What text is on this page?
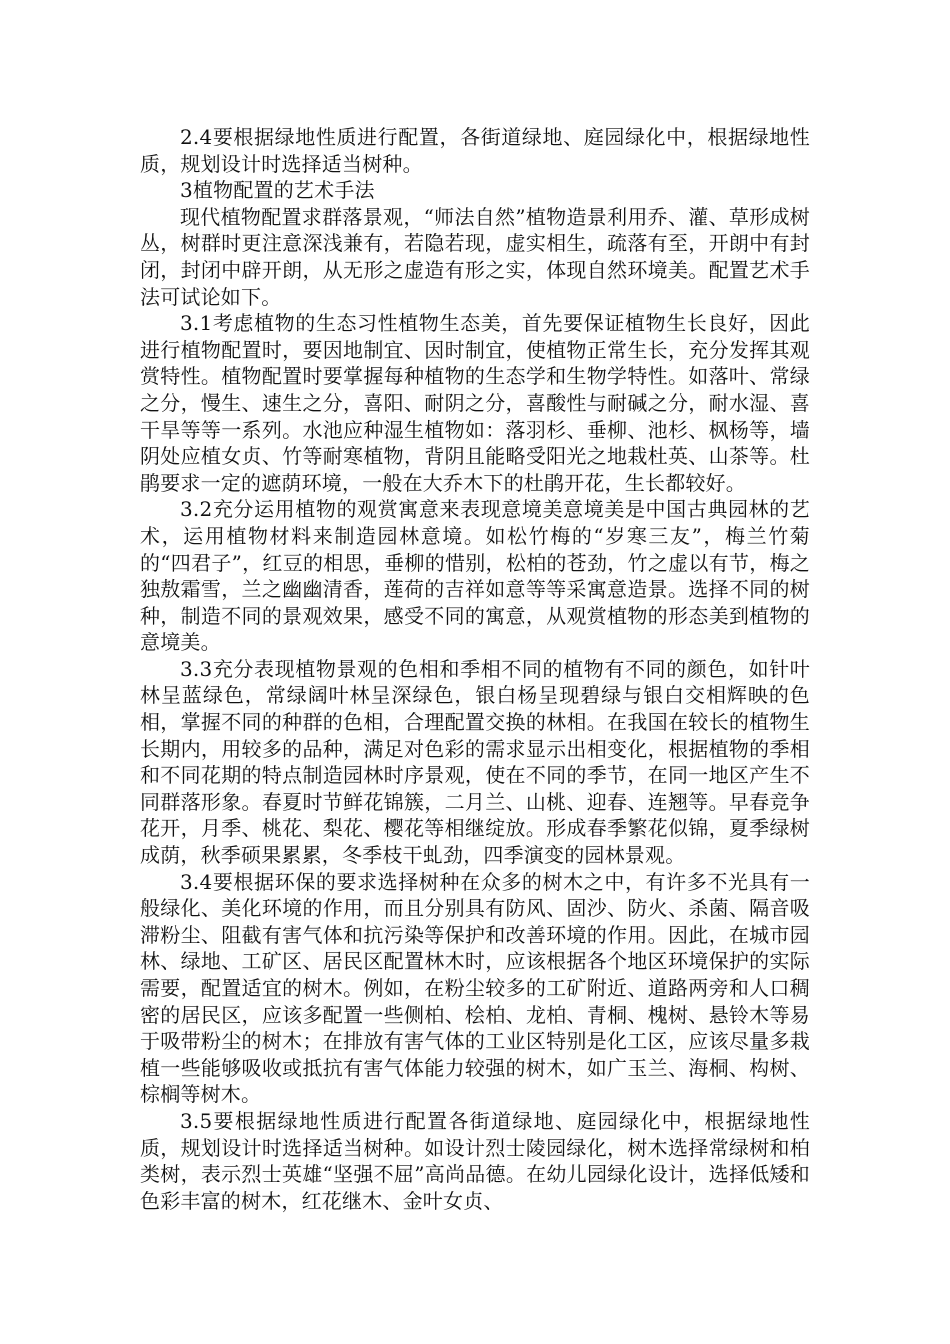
2.4要根据绿地性质进行配置，各街道绿地、庭园绿化中，根据绿地性质，规划设计时选择适当树种。

3植物配置的艺术手法

现代植物配置求群落景观，“师法自然”植物造景利用乔、灌、草形成树丛，树群时更注意深浅兼有，若隐若现，虚实相生，疏落有至，开朗中有封闭，封闭中辟开朗，从无形之虚造有形之实，体现自然环境美。配置艺术手法可试论如下。

3.1考虑植物的生态习性植物生态美，首先要保证植物生长良好，因此进行植物配置时，要因地制宜、因时制宜，使植物正常生长，充分发挥其观赏特性。植物配置时要掌握每种植物的生态学和生物学特性。如落叶、常绿之分，慢生、速生之分，喜阳、耐阴之分，喜酸性与耐碱之分，耐水湿、喜干旱等等一系列。水池应种湿生植物如：落羽杉、垂柳、池杉、枫杨等，墙阴处应植女贞、竹等耐寒植物，背阴且能略受阳光之地栽杜英、山茶等。杜鹃要求一定的遮荫环境，一般在大乔木下的杜鹃开花，生长都较好。

3.2充分运用植物的观赏寓意来表现意境美意境美是中国古典园林的艺术，运用植物材料来制造园林意境。如松竹梅的“岁寒三友”，梅兰竹菊的“四君子”，红豆的相思，垂柳的惜别，松柏的苍劲，竹之虚以有节，梅之独敖霜雪，兰之幽幽清香，莲荷的吉祥如意等等采寓意造景。选择不同的树种，制造不同的景观效果，感受不同的寓意，从观赏植物的形态美到植物的意境美。

3.3充分表现植物景观的色相和季相不同的植物有不同的颜色，如针叶林呈蓝绿色，常绿阔叶林呈深绿色，银白杨呈现碧绿与银白交相辉映的色相，掌握不同的种群的色相，合理配置交换的林相。在我国在较长的植物生长期内，用较多的品种，满足对色彩的需求显示出相变化，根据植物的季相和不同花期的特点制造园林时序景观，使在不同的季节，在同一地区产生不同群落形象。春夏时节鲜花锦簇，二月兰、山桃、迎春、连翘等。早春竞争花开，月季、桃花、梨花、樱花等相继绽放。形成春季繁花似锦，夏季绿树成荫，秋季硕果累累，冬季枝干虬劲，四季演变的园林景观。

3.4要根据环保的要求选择树种在众多的树木之中，有许多不光具有一般绿化、美化环境的作用，而且分别具有防风、固沙、防火、杀菌、隔音吸滞粉尘、阻截有害气体和抗污染等保护和改善环境的作用。因此，在城市园林、绿地、工矿区、居民区配置林木时，应该根据各个地区环境保护的实际需要，配置适宜的树木。例如，在粉尘较多的工矿附近、道路两旁和人口稠密的居民区，应该多配置一些侧柏、桧柏、龙柏、青桐、槐树、悬铃木等易于吸带粉尘的树木；在排放有害气体的工业区特别是化工区，应该尽量多栽植一些能够吸收或抵抗有害气体能力较强的树木，如广玉兰、海桐、构树、棕榈等树木。

3.5要根据绿地性质进行配置各街道绿地、庭园绿化中，根据绿地性质，规划设计时选择适当树种。如设计烈士陵园绿化，树木选择常绿树和柏类树，表示烈士英雄“坚强不屈”高尚品德。在幼儿园绿化设计，选择低矮和色彩丰富的树木，红花继木、金叶女贞、
